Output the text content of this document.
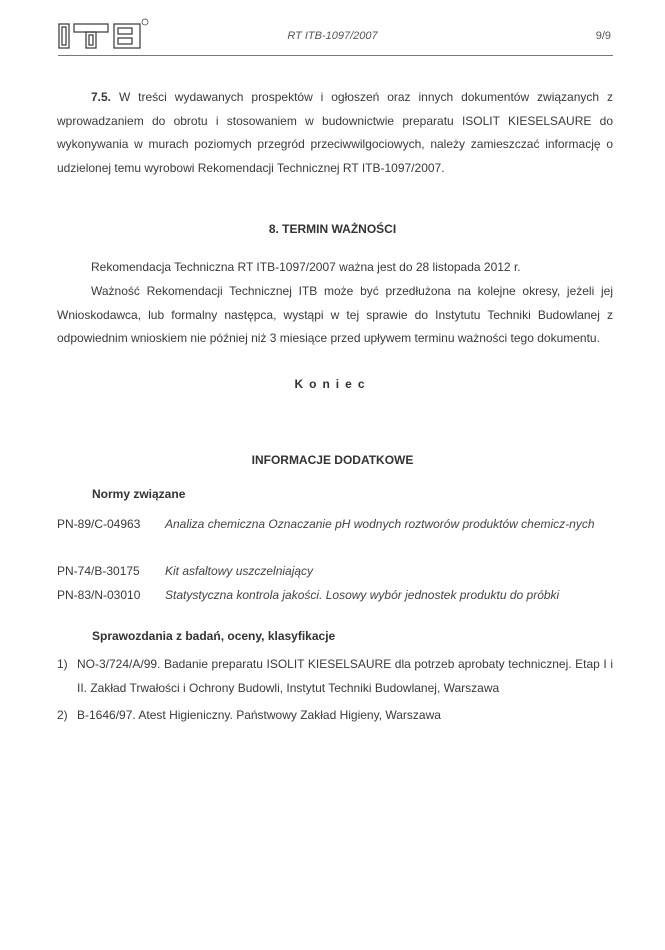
RT ITB-1097/2007	9/9
7.5. W treści wydawanych prospektów i ogłoszeń oraz innych dokumentów związanych z wprowadzaniem do obrotu i stosowaniem w budownictwie preparatu ISOLIT KIESELSAURE do wykonywania w murach poziomych przegród przeciwwilgociowych, należy zamieszczać informację o udzielonej temu wyrobowi Rekomendacji Technicznej RT ITB-1097/2007.
8. TERMIN WAŻNOŚCI
Rekomendacja Techniczna RT ITB-1097/2007 ważna jest do 28 listopada 2012 r.
Ważność Rekomendacji Technicznej ITB może być przedłużona na kolejne okresy, jeżeli jej Wnioskodawca, lub formalny następca, wystąpi w tej sprawie do Instytutu Techniki Budowlanej z odpowiednim wnioskiem nie później niż 3 miesiące przed upływem terminu ważności tego dokumentu.
Koniec
INFORMACJE DODATKOWE
Normy związane
PN-89/C-04963	Analiza chemiczna Oznaczanie pH wodnych roztworów produktów chemicz-nych
PN-74/B-30175	Kit asfaltowy uszczelniający
PN-83/N-03010	Statystyczna kontrola jakości. Losowy wybór jednostek produktu do próbki
Sprawozdania z badań, oceny, klasyfikacje
1) NO-3/724/A/99. Badanie preparatu ISOLIT KIESELSAURE dla potrzeb aprobaty technicznej. Etap I i II. Zakład Trwałości i Ochrony Budowli, Instytut Techniki Budowlanej, Warszawa
2) B-1646/97. Atest Higieniczny. Państwowy Zakład Higieny, Warszawa
